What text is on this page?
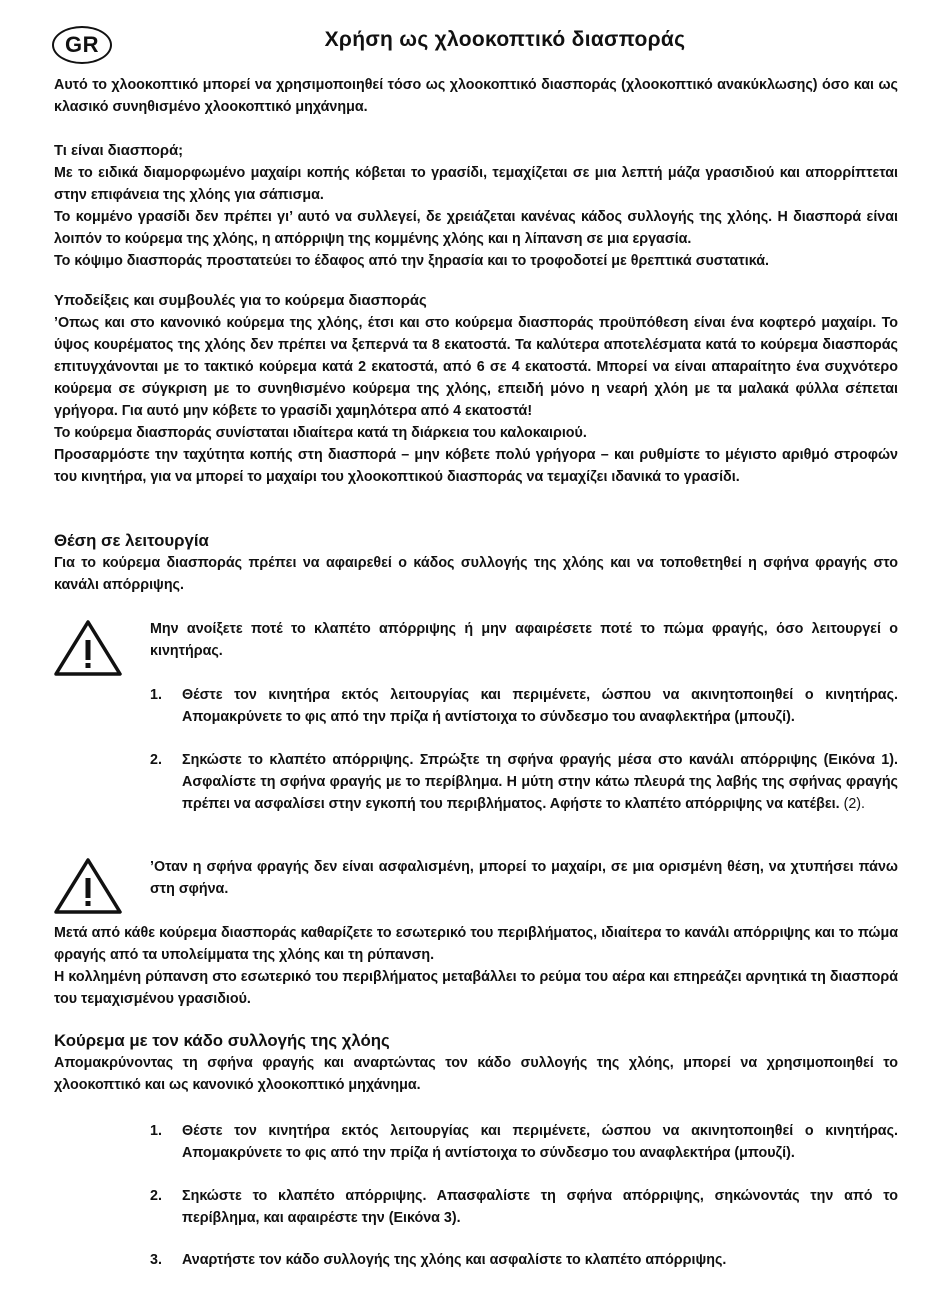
GR	Χρήση ως χλοοκοπτικό διασποράς

Αυτό το χλοοκοπτικό μπορεί να χρησιμοποιηθεί τόσο ως χλοοκοπτικό διασποράς (χλοοκοπτικό ανακύκλωσης) όσο και ως κλασικό συνηθισμένο χλοοκοπτικό μηχάνημα.

Τι είναι διασπορά;

Με το ειδικά διαμορφωμένο μαχαίρι κοπής κόβεται το γρασίδι, τεμαχίζεται σε μια λεπτή μάζα γρασιδιού και απορρίπτεται στην επιφάνεια της χλόης για σάπισμα.

Το κομμένο γρασίδι δεν πρέπει γι’ αυτό να συλλεγεί, δε χρειάζεται κανένας κάδος συλλογής της χλόης. Η διασπορά είναι λοιπόν το κούρεμα της χλόης, η απόρριψη της κομμένης χλόης και η λίπανση σε μια εργασία.

Το κόψιμο διασποράς προστατεύει το έδαφος από την ξηρασία και το τροφοδοτεί με θρεπτικά συστατικά.

Υποδείξεις και συμβουλές για το κούρεμα διασποράς

’Οπως και στο κανονικό κούρεμα της χλόης, έτσι και στο κούρεμα διασποράς προϋπόθεση είναι ένα κοφτερό μαχαίρι. Το ύψος κουρέματος της χλόης δεν πρέπει να ξεπερνά τα 8 εκατοστά. Τα καλύτερα αποτελέσματα κατά το κούρεμα διασποράς επιτυγχάνονται με το τακτικό κούρεμα κατά 2 εκατοστά, από 6 σε 4 εκατοστά. Μπορεί να είναι απαραίτητο ένα συχνότερο κούρεμα σε σύγκριση με το συνηθισμένο κούρεμα της χλόης, επειδή μόνο η νεαρή χλόη με τα μαλακά φύλλα σέπεται γρήγορα. Για αυτό μην κόβετε το γρασίδι χαμηλότερα από 4 εκατοστά!

Το κούρεμα διασποράς συνίσταται ιδιαίτερα κατά τη διάρκεια του καλοκαιριού.

Προσαρμόστε την ταχύτητα κοπής στη διασπορά – μην κόβετε πολύ γρήγορα – και ρυθμίστε το μέγιστο αριθμό στροφών του κινητήρα, για να μπορεί το μαχαίρι του χλοοκοπτικού διασποράς να τεμαχίζει ιδανικά το γρασίδι.

Θέση σε λειτουργία

Για το κούρεμα διασποράς πρέπει να αφαιρεθεί ο κάδος συλλογής της χλόης και να τοποθετηθεί η σφήνα φραγής στο κανάλι απόρριψης.

Μην ανοίξετε ποτέ το κλαπέτο απόρριψης ή μην αφαιρέσετε ποτέ το πώμα φραγής, όσο λειτουργεί ο κινητήρας.

1.	Θέστε τον κινητήρα εκτός λειτουργίας και περιμένετε, ώσπου να ακινητοποιηθεί ο κινητήρας. Απομακρύνετε το φις από την πρίζα ή αντίστοιχα το σύνδεσμο του αναφλεκτήρα (μπουζί).

2.	Σηκώστε το κλαπέτο απόρριψης. Σπρώξτε τη σφήνα φραγής μέσα στο κανάλι απόρριψης (Εικόνα 1). Ασφαλίστε τη σφήνα φραγής με το περίβλημα. Η μύτη στην κάτω πλευρά της λαβής της σφήνας φραγής πρέπει να ασφαλίσει στην εγκοπή του περιβλήματος. Αφήστε το κλαπέτο απόρριψης να κατέβει. (2).

’Οταν η σφήνα φραγής δεν είναι ασφαλισμένη, μπορεί το μαχαίρι, σε μια ορισμένη θέση, να χτυπήσει πάνω στη σφήνα.

Μετά από κάθε κούρεμα διασποράς καθαρίζετε το εσωτερικό του περιβλήματος, ιδιαίτερα το κανάλι απόρριψης και το πώμα φραγής από τα υπολείμματα της χλόης και τη ρύπανση.

Η κολλημένη ρύπανση στο εσωτερικό του περιβλήματος μεταβάλλει το ρεύμα του αέρα και επηρεάζει αρνητικά τη διασπορά του τεμαχισμένου γρασιδιού.

Κούρεμα με τον κάδο συλλογής της χλόης

Απομακρύνοντας τη σφήνα φραγής και αναρτώντας τον κάδο συλλογής της χλόης, μπορεί να χρησιμοποιηθεί το χλοοκοπτικό και ως κανονικό χλοοκοπτικό μηχάνημα.

1.	Θέστε τον κινητήρα εκτός λειτουργίας και περιμένετε, ώσπου να ακινητοποιηθεί ο κινητήρας. Απομακρύνετε το φις από την πρίζα ή αντίστοιχα το σύνδεσμο του αναφλεκτήρα (μπουζί).

2.	Σηκώστε το κλαπέτο απόρριψης. Απασφαλίστε τη σφήνα απόρριψης, σηκώνοντάς την από το περίβλημα, και αφαιρέστε την (Εικόνα 3).

3.	Αναρτήστε τον κάδο συλλογής της χλόης και ασφαλίστε το κλαπέτο απόρριψης.
